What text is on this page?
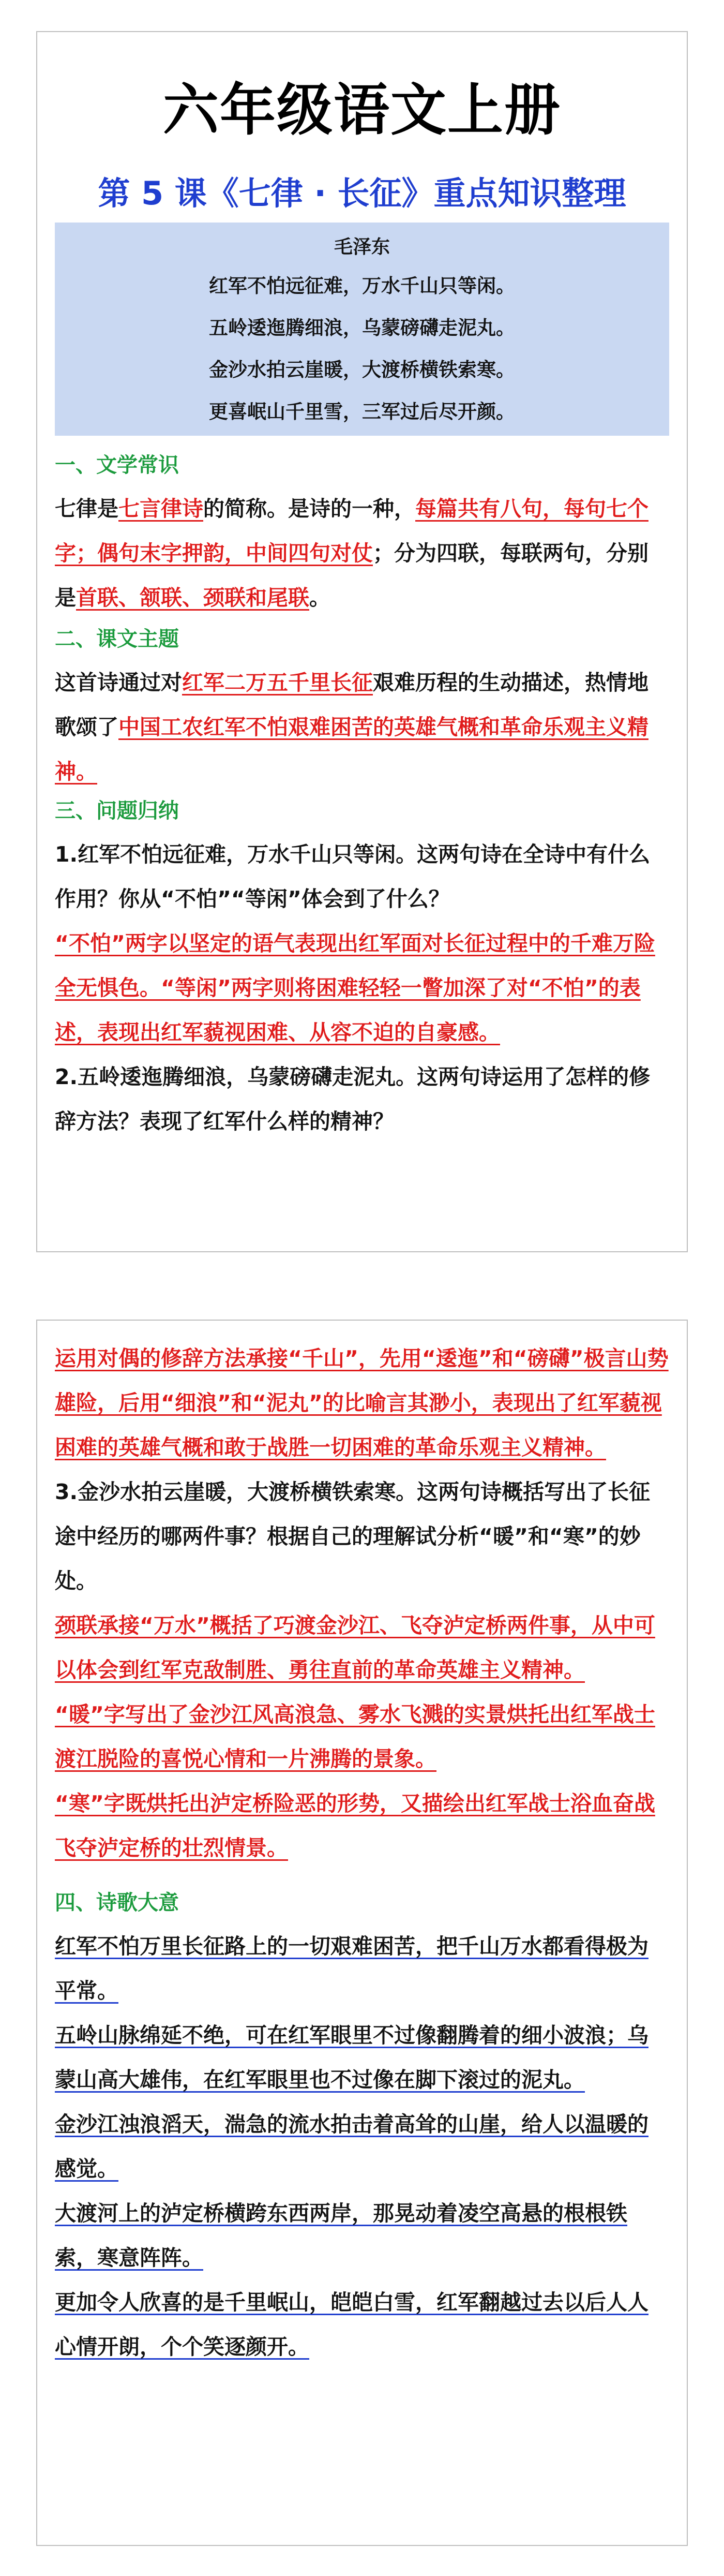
六年级语文上册
第 5 课《七律 · 长征》重点知识整理
毛泽东
红军不怕远征难，万水千山只等闲。
五岭逶迤腾细浪，乌蒙磅礴走泥丸。
金沙水拍云崖暖，大渡桥横铁索寒。
更喜岷山千里雪，三军过后尽开颜。
一、文学常识

七律是七言律诗的简称。是诗的一种，每篇共有八句，每句七个字；偶句末字押韵，中间四句对仗；分为四联，每联两句，分别是首联、颔联、颈联和尾联。

二、课文主题

这首诗通过对红军二万五千里长征艰难历程的生动描述，热情地歌颂了中国工农红军不怕艰难困苦的英雄气概和革命乐观主义精神。

三、问题归纳

1.红军不怕远征难，万水千山只等闲。这两句诗在全诗中有什么作用？你从“不怕”“等闲”体会到了什么？

“不怕”两字以坚定的语气表现出红军面对长征过程中的千难万险 全无惧色。“等闲”两字则将困难轻轻一瞥加深了对“不怕”的表述，表现出红军藐视困难、从容不迫的自豪感。

2.五岭逶迤腾细浪，乌蒙磅礴走泥丸。这两句诗运用了怎样的修辞方法？表现了红军什么样的精神？

运用对偶的修辞方法承接“千山”，先用“逶迤”和“磅礴”极言山势雄险，后用“细浪”和“泥丸”的比喻言其渺小，表现出了红军藐视困难的英雄气概和敢于战胜一切困难的革命乐观主义精神。

3.金沙水拍云崖暖，大渡桥横铁索寒。这两句诗概括写出了长征途中经历的哪两件事？根据自己的理解试分析“暖”和“寒”的妙处。

颈联承接“万水”概括了巧渡金沙江、飞夺泸定桥两件事，从中可以体会到红军克敌制胜、勇往直前的革命英雄主义精神。

“暖”字写出了金沙江风高浪急、雾水飞溅的实景烘托出红军战士渡江脱险的喜悦心情和一片沸腾的景象。

“寒”字既烘托出泸定桥险恶的形势，又描绘出红军战士浴血奋战飞夺泸定桥的壮烈情景。

四、诗歌大意

红军不怕万里长征路上的一切艰难困苦，把千山万水都看得极为平常。

五岭山脉绵延不绝，可在红军眼里不过像翻腾着的细小波浪；乌蒙山高大雄伟，在红军眼里也不过像在脚下滚过的泥丸。

金沙江浊浪滔天，湍急的流水拍击着高耸的山崖，给人以温暖的感觉。

大渡河上的泸定桥横跨东西两岸，那晃动着凌空高悬的根根铁索，寒意阵阵。

更加令人欣喜的是千里岷山，皑皑白雪，红军翻越过去以后人人心情开朗，个个笑逐颜开。
